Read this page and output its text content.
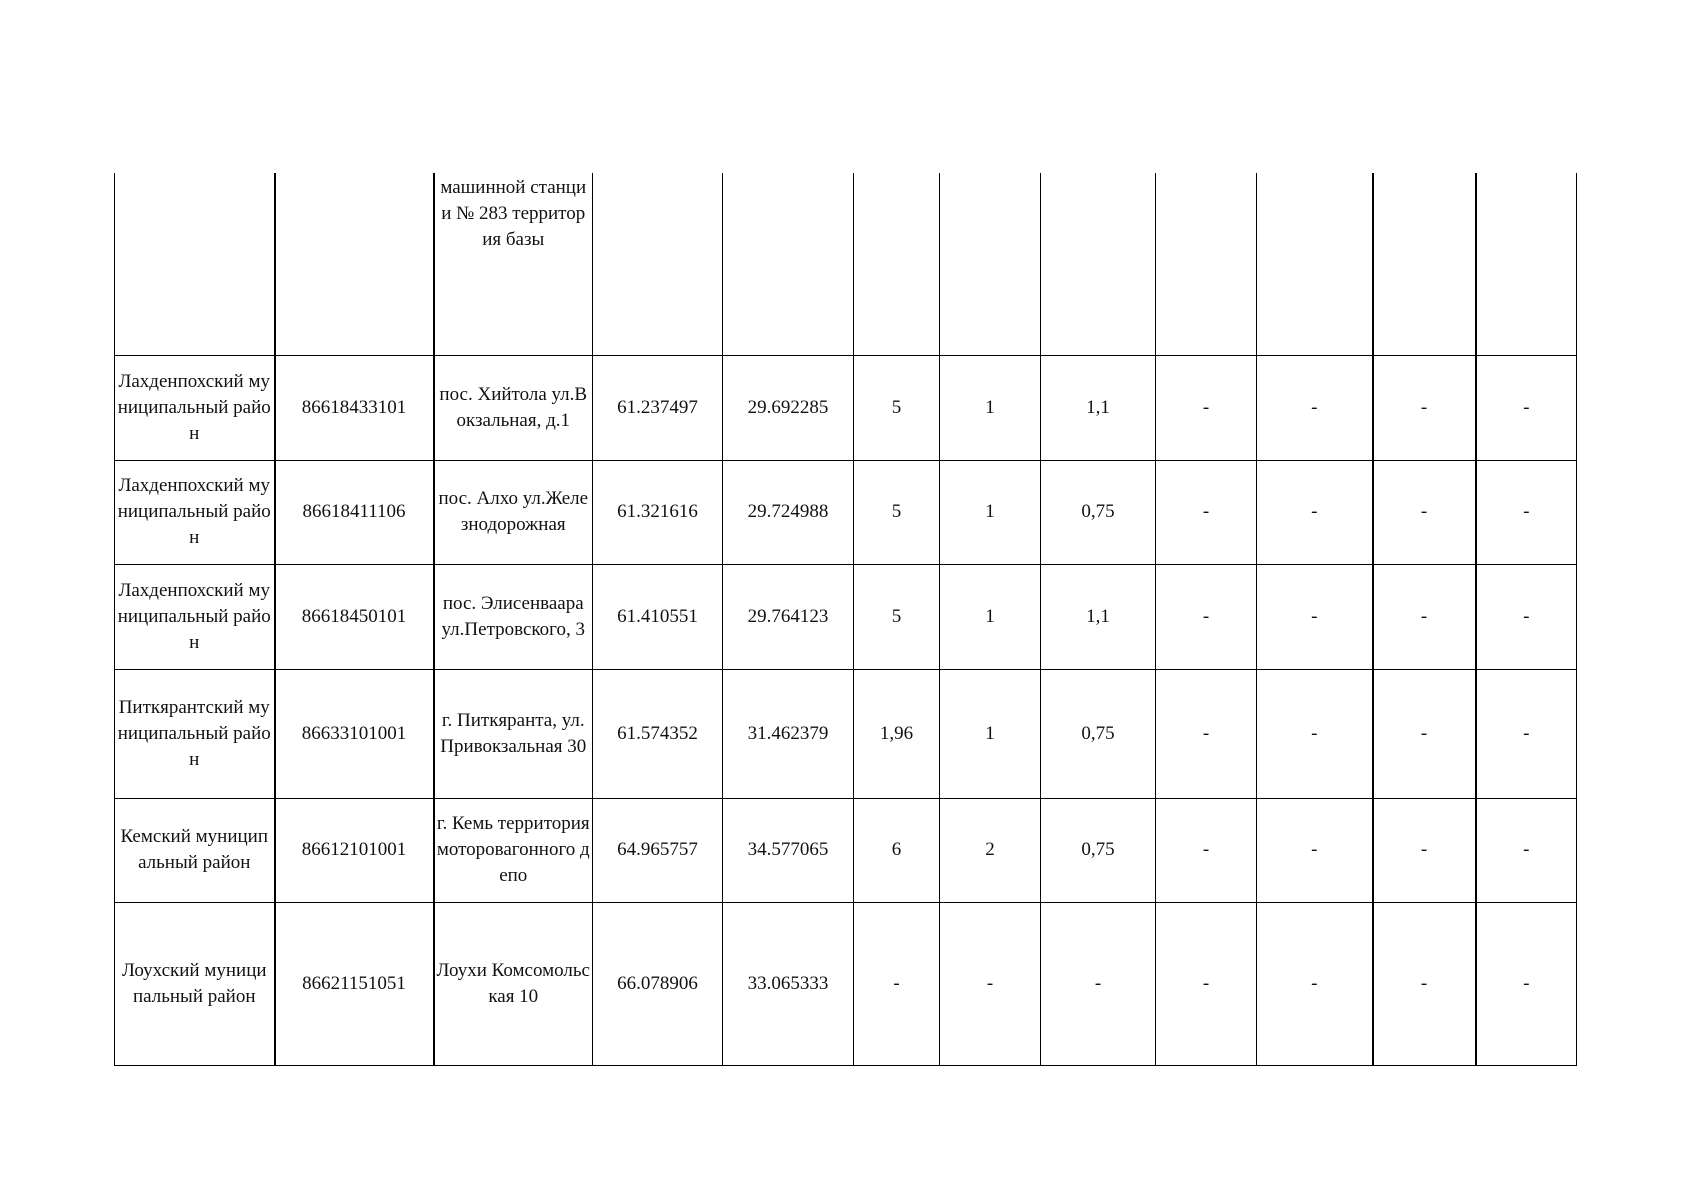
		машинной станции № 283 территория базы									
Лахденпохский муниципальный район	86618433101	пос. Хийтола ул.Вокзальная, д.1	61.237497	29.692285	5	1	1,1	-	-	-	-
Лахденпохский муниципальный район	86618411106	пос. Алхо ул.Железнодорожная	61.321616	29.724988	5	1	0,75	-	-	-	-
Лахденпохский муниципальный район	86618450101	пос. Элисенваара ул.Петровского, 3	61.410551	29.764123	5	1	1,1	-	-	-	-
Питкярантский муниципальный район	86633101001	г. Питкяранта, ул. Привокзальная 30	61.574352	31.462379	1,96	1	0,75	-	-	-	-
Кемский муниципальный район	86612101001	г. Кемь территория моторовагонного депо	64.965757	34.577065	6	2	0,75	-	-	-	-
Лоухский муниципальный район	86621151051	Лоухи Комсомольская 10	66.078906	33.065333	-	-	-	-	-	-	-
